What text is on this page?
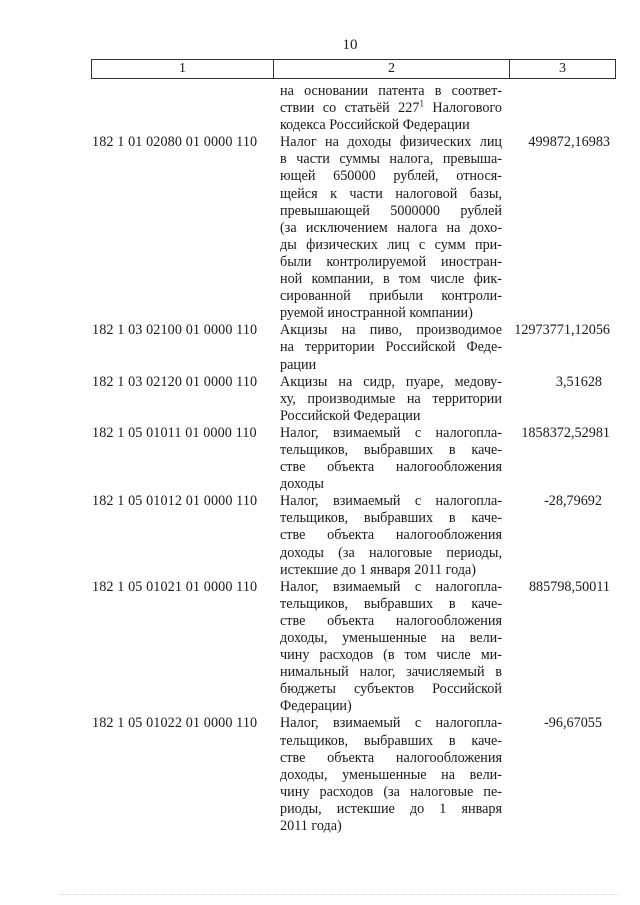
10
1	2	3
на основании патента в соответ-
ствии со статьёй $227^1$ Налогового
кодекса Российской Федерации
182 1 01 02080 01 0000 110 Налог на доходы физических лиц
в части суммы налога, превыша-
ющей 650000 рублей, относя-
щейся к части налоговой базы,
превышающей 5000000 рублей
(за исключением налога на дохо-
ды физических лиц с сумм при-
были контролируемой иностран-
ной компании, в том числе фик-
сированной прибыли контроли-
руемой иностранной компании)
499872,16983
182 1 03 02100 01 0000 110 Акцизы на пиво, производимое
на территории Российской Феде-
рации
12973771,12056
182 1 03 02120 01 0000 110 Акцизы на сидр, пуаре, медову-
ху, производимые на территории
Российской Федерации
3,51628
182 1 05 01011 01 0000 110 Налог, взимаемый с налогопла-
тельщиков, выбравших в каче-
стве объекта налогообложения
доходы
1858372,52981
182 1 05 01012 01 0000 110 Налог, взимаемый с налогопла-
тельщиков, выбравших в каче-
стве объекта налогообложения
доходы (за налоговые периоды,
истекшие до 1 января 2011 года)
-28,79692
182 1 05 01021 01 0000 110 Налог, взимаемый с налогопла-
тельщиков, выбравших в каче-
стве объекта налогообложения
доходы, уменьшенные на вели-
чину расходов (в том числе ми-
нимальный налог, зачисляемый в
бюджеты субъектов Российской
Федерации)
885798,50011
182 1 05 01022 01 0000 110 Налог, взимаемый с налогопла-
тельщиков, выбравших в каче-
стве объекта налогообложения
доходы, уменьшенные на вели-
чину расходов (за налоговые пе-
риоды, истекшие до 1 января
2011 года)
-96,67055
